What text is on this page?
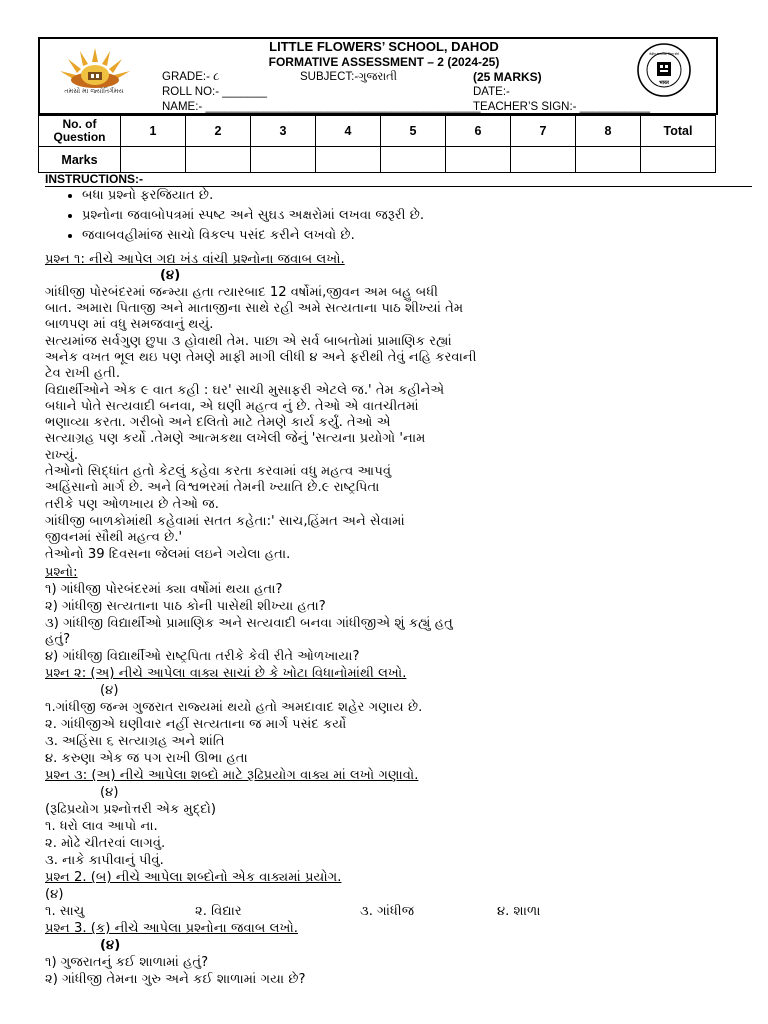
તમસો મા જ્યોતિર્ગમય
केंद्रीय माध्यमिक शिक्षा बोर्ड
भारत
LITTLE FLOWERS’ SCHOOL, DAHOD
FORMATIVE ASSESSMENT – 2 (2024-25)
GRADE:- ૮	SUBJECT:-ગુજરાતી	(25 MARKS)
ROLL NO:- _______	DATE:-
NAME:- ___________________________________________
TEACHER’S SIGN:- ___________
No. of Question	1	2	3	4	5	6	7	8	Total
Marks									
INSTRUCTIONS:-
• બધા પ્રશ્નો ફરજિયાત છે.
• પ્રશ્નોના જવાબોપત્રમાં સ્પષ્ટ અને સુઘડ અક્ષરોમાં લખવા જરૂરી છે.
• જવાબવહીમાંજ સાચો વિકલ્પ પસંદ કરીને લખવો છે.
પ્રશ્ન ૧: નીચે આપેલ ગદ્ય ખંડ વાંચી પ્રશ્નોના જવાબ લખો.
(૪)
ગાંધીજી પોરબંદરમાં જન્મ્યા હતા ત્યારબાદ 12 વર્ષોમાં,જીવન અમ બહુ બધી
બાત. અમારા પિતાજી અને માતાજીના સાથે રહી અમે સત્યતાના પાઠ શીખ્યાં તેમ
બાળપણ માં વધુ સમજવાનું થયું.
સત્યમાંજ સર્વગુણ છુપા ૩ હોવાથી તેમ. પાછા એ સર્વ બાબતોમાં પ્રામાણિક રહ્યાં
અનેક વખત ભૂલ થઇ પણ તેમણે માફી માગી લીધી ૪ અને ફરીથી તેવું નહિ કરવાની
ટેવ રાખી હતી.
વિદ્યાર્થીઓને એક ૯ વાત કહી : ઘર' સાચી મુસાફરી એટલે જ.' તેમ કહીનેએ
બધાને પોતે સત્યવાદી બનવા, એ ઘણી મહત્વ નું છે. તેઓ એ વાતચીતમાં
ભણાવ્યા કરતા. ગરીબો અને દલિતો માટે તેમણે કાર્ય કર્યું. તેઓ એ
સત્યાગ્રહ પણ કર્યો .તેમણે આત્મકથા લખેલી જેનું 'સત્યના પ્રયોગો 'નામ
રાખ્યું.
તેઓનો સિદ્ધાંત હતો કેટલું કહેવા કરતા કરવામાં વધુ મહત્વ આપવું
અહિંસાનો માર્ગ છે. અને વિશ્વભરમાં તેમની ખ્યાતિ છે.૯ રાષ્ટ્રપિતા
તરીકે પણ ઓળખાય છે તેઓ જ.
ગાંધીજી બાળકોમાંથી કહેવામાં સતત કહેતા:' સાચ,હિંમત અને સેવામાં
જીવનમાં સૌથી મહત્વ છે.'
તેઓનો 39 દિવસના જેલમાં લઇને ગયેલા હતા.
પ્રશ્નો:
૧) ગાંધીજી પોરબંદરમાં ક્યા વર્ષોમાં થયા હતા?
૨) ગાંધીજી સત્યતાના પાઠ કોની પાસેથી શીખ્યા હતા?
૩) ગાંધીજી વિદ્યાર્થીઓ પ્રામાણિક અને સત્યવાદી બનવા ગાંધીજીએ શું કહ્યું હતુ
હતું?
૪) ગાંધીજી વિદ્યાર્થીઓ રાષ્ટ્રપિતા તરીકે કેવી રીતે ઓળખાયા?
પ્રશ્ન ૨: (અ) નીચે આપેલા વાક્ય સાચાં છે કે ખોટા વિધાનોમાંથી લખો.
(૪)
૧.ગાંધીજી જન્મ ગુજરાત રાજ્યમાં થયો હતો અમદાવાદ શહેર ગણાય છે.
૨. ગાંધીજીએ ઘણીવાર નહીં સત્યતાના જ માર્ગ પસંદ કર્યો
૩. અહિંસા ૬ સત્યાગ્રહ અને શાંતિ
૪. કરુણા એક જ પગ રાખી ઊભા હતા
પ્રશ્ન ૩: (અ) નીચે આપેલા શબ્દો માટે રૂઢિપ્રયોગ વાક્ય માં લખો ગણાવો.
(૪)
(રૂઢિપ્રયોગ પ્રશ્નોત્તરી એક મુદ્દો)
૧. ધરો લાવ આપો ના.
૨. મોઢે ચીતરવાં લાગવું.
૩. નાકે કાપીવાનું પીવું.
પ્રશ્ન 2. (બ) નીચે આપેલા શબ્દોનો એક વાક્યમાં પ્રયોગ.
(૪)
૧. સાચુ	૨. વિદ્યાર	૩. ગાંધીજ	૪. શાળા
પ્રશ્ન 3. (ક) નીચે આપેલા પ્રશ્નોના જવાબ લખો.
(૪)
૧) ગુજરાતનું કઈ શાળામાં હતું?
૨) ગાંધીજી તેમના ગુરુ અને કઈ શાળામાં ગયા છે?
